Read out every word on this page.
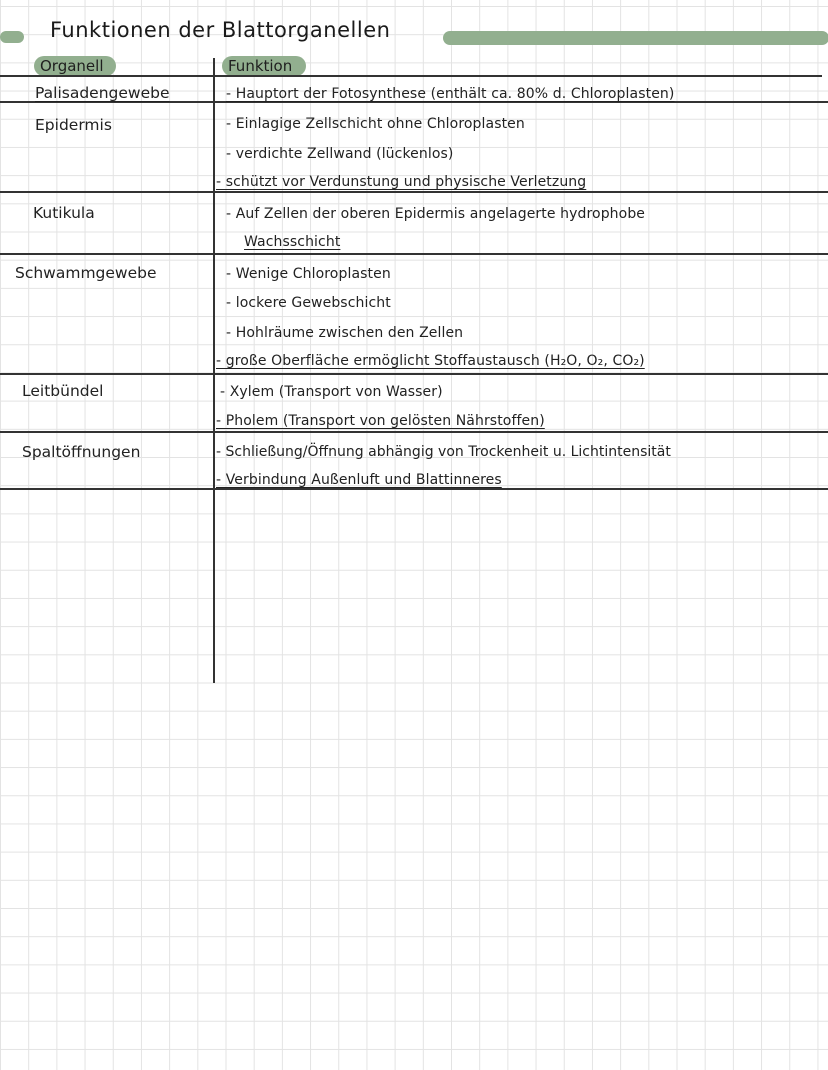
Funktionen der Blattorganellen
Organell	Funktion
Palisadengewebe
Epidermis
Kutikula
Schwammgewebe
Leitbündel
Spaltöffnungen
- Hauptort der Fotosynthese (enthält ca. 80% d. Chloroplasten)
- Einlagige Zellschicht ohne Chloroplasten
- verdichte Zellwand (lückenlos)
- schützt vor Verdunstung und physische Verletzung
- Auf Zellen der oberen Epidermis angelagerte hydrophobe
Wachsschicht
- Wenige Chloroplasten
- lockere Gewebschicht
- Hohlräume zwischen den Zellen
- große Oberfläche ermöglicht Stoffaustausch (H₂O, O₂, CO₂)
- Xylem (Transport von Wasser)
- Pholem (Transport von gelösten Nährstoffen)
- Schließung/Öffnung abhängig von Trockenheit u. Lichtintensität
- Verbindung Außenluft und Blattinneres
